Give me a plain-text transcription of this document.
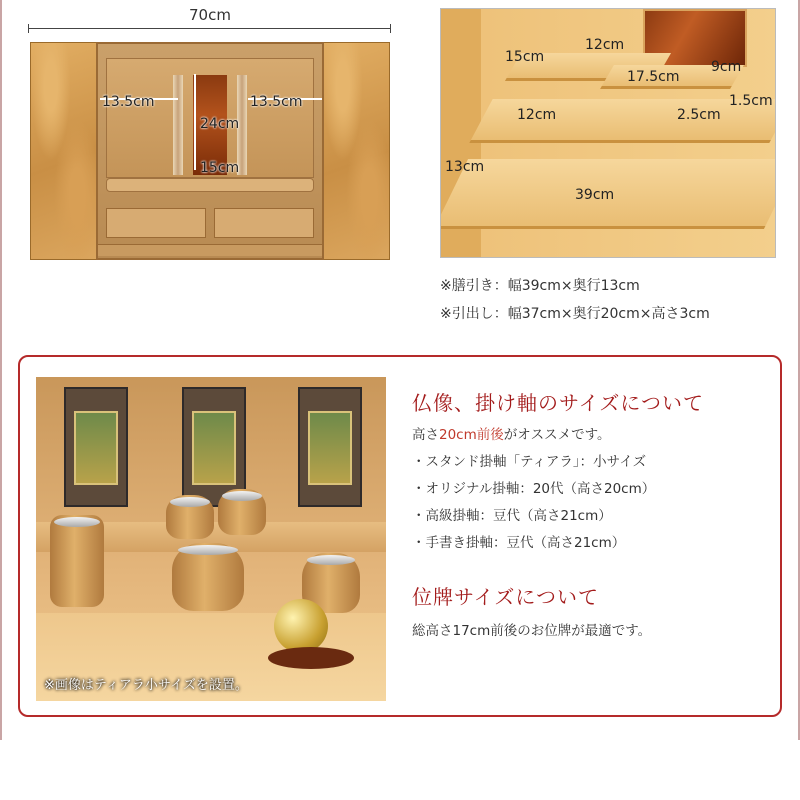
70cm
13.5cm	13.5cm
24cm
15cm
15cm
12cm
9cm
17.5cm
1.5cm
12cm	2.5cm
13cm
39cm
※膳引き：幅39cm×奥行13cm
※引出し：幅37cm×奥行20cm×高さ3cm
※画像はティアラ小サイズを設置。
仏像、掛け軸のサイズについて
高さ20cm前後がオススメです。
・スタンド掛軸「ティアラ」：小サイズ
・オリジナル掛軸：20代（高さ20cm）
・高級掛軸：豆代（高さ21cm）
・手書き掛軸：豆代（高さ21cm）
位牌サイズについて
総高さ17cm前後のお位牌が最適です。
